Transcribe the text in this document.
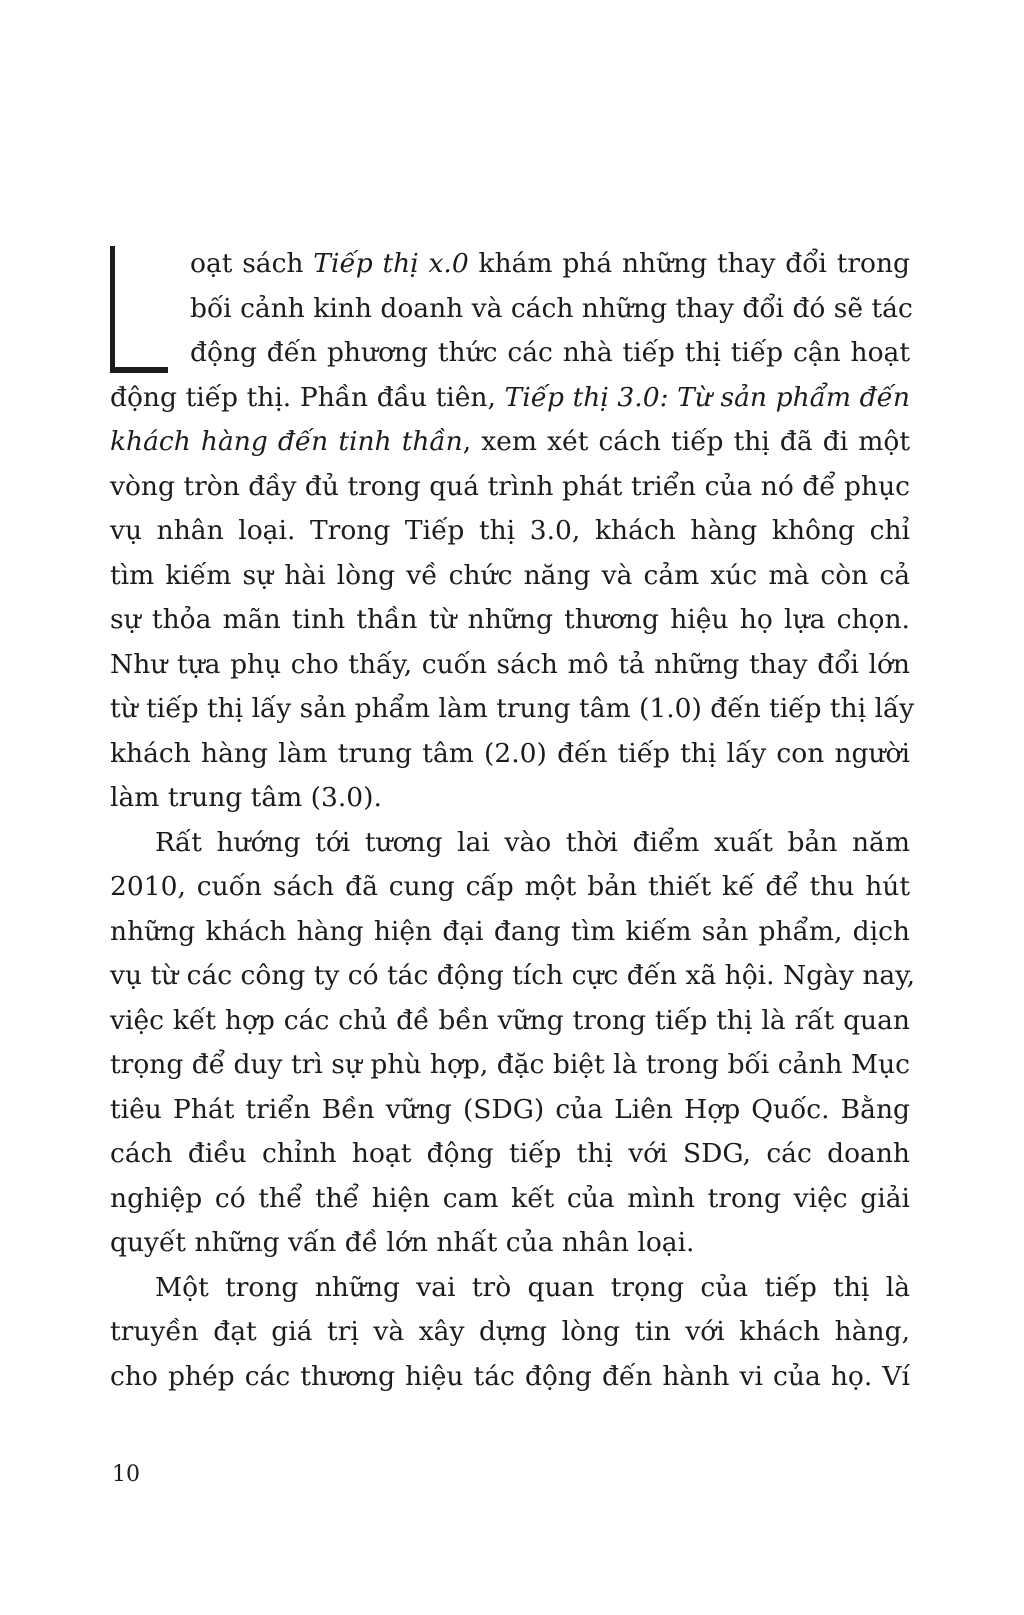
oạt sách Tiếp thị x.0 khám phá những thay đổi trong
bối cảnh kinh doanh và cách những thay đổi đó sẽ tác
động đến phương thức các nhà tiếp thị tiếp cận hoạt
động tiếp thị. Phần đầu tiên, Tiếp thị 3.0: Từ sản phẩm đến
khách hàng đến tinh thần, xem xét cách tiếp thị đã đi một
vòng tròn đầy đủ trong quá trình phát triển của nó để phục
vụ nhân loại. Trong Tiếp thị 3.0, khách hàng không chỉ
tìm kiếm sự hài lòng về chức năng và cảm xúc mà còn cả
sự thỏa mãn tinh thần từ những thương hiệu họ lựa chọn.
Như tựa phụ cho thấy, cuốn sách mô tả những thay đổi lớn
từ tiếp thị lấy sản phẩm làm trung tâm (1.0) đến tiếp thị lấy
khách hàng làm trung tâm (2.0) đến tiếp thị lấy con người
làm trung tâm (3.0).
Rất hướng tới tương lai vào thời điểm xuất bản năm
2010, cuốn sách đã cung cấp một bản thiết kế để thu hút
những khách hàng hiện đại đang tìm kiếm sản phẩm, dịch
vụ từ các công ty có tác động tích cực đến xã hội. Ngày nay,
việc kết hợp các chủ đề bền vững trong tiếp thị là rất quan
trọng để duy trì sự phù hợp, đặc biệt là trong bối cảnh Mục
tiêu Phát triển Bền vững (SDG) của Liên Hợp Quốc. Bằng
cách điều chỉnh hoạt động tiếp thị với SDG, các doanh
nghiệp có thể thể hiện cam kết của mình trong việc giải
quyết những vấn đề lớn nhất của nhân loại.
Một trong những vai trò quan trọng của tiếp thị là
truyền đạt giá trị và xây dựng lòng tin với khách hàng,
cho phép các thương hiệu tác động đến hành vi của họ. Ví
10
